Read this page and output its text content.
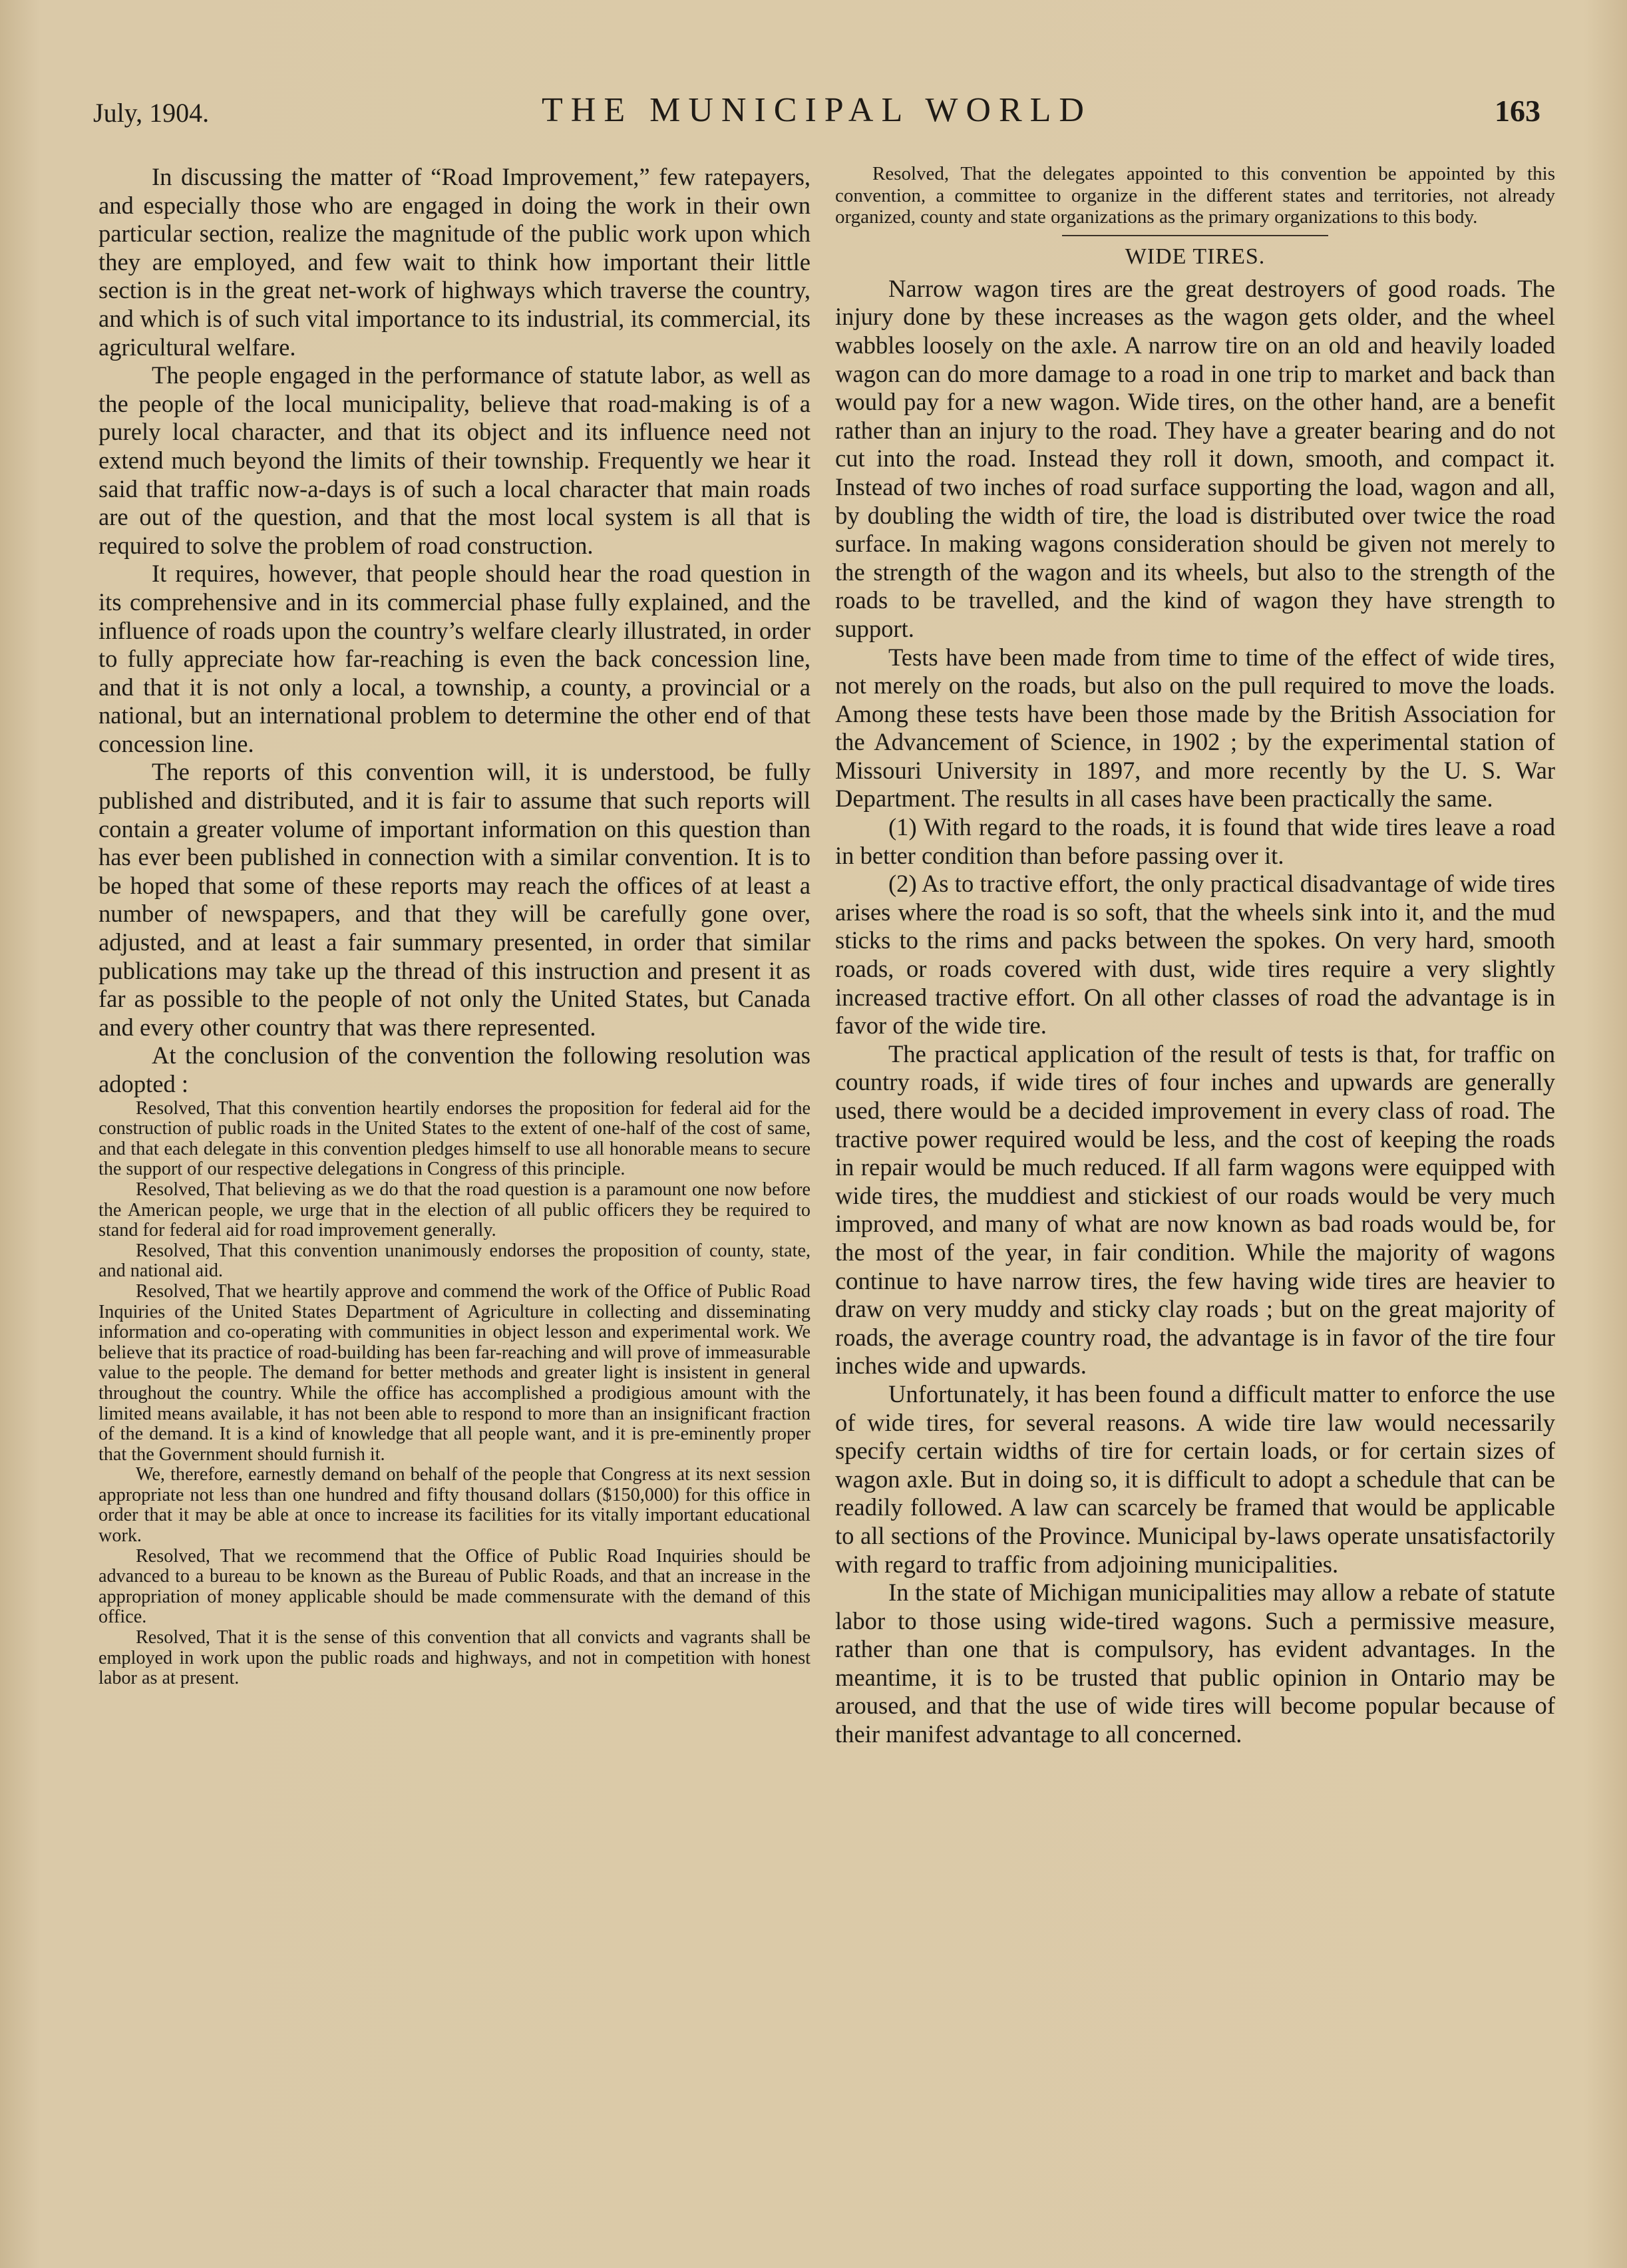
July, 1904.	THE MUNICIPAL WORLD	163

In discussing the matter of “Road Improvement,” few ratepayers, and especially those who are engaged in doing the work in their own particular section, realize the magnitude of the public work upon which they are employed, and few wait to think how important their little section is in the great net-work of highways which traverse the country, and which is of such vital importance to its industrial, its commercial, its agricultural welfare.

The people engaged in the performance of statute labor, as well as the people of the local municipality, believe that road-making is of a purely local character, and that its object and its influence need not extend much beyond the limits of their township. Frequently we hear it said that traffic now-a-days is of such a local character that main roads are out of the question, and that the most local system is all that is required to solve the problem of road construction.

It requires, however, that people should hear the road question in its comprehensive and in its commercial phase fully explained, and the influence of roads upon the country’s welfare clearly illustrated, in order to fully appreciate how far-reaching is even the back concession line, and that it is not only a local, a township, a county, a provincial or a national, but an international problem to determine the other end of that concession line.

The reports of this convention will, it is understood, be fully published and distributed, and it is fair to assume that such reports will contain a greater volume of important information on this question than has ever been published in connection with a similar convention. It is to be hoped that some of these reports may reach the offices of at least a number of newspapers, and that they will be carefully gone over, adjusted, and at least a fair summary presented, in order that similar publications may take up the thread of this instruction and present it as far as possible to the people of not only the United States, but Canada and every other country that was there represented.

At the conclusion of the convention the following resolution was adopted :

Resolved, That this convention heartily endorses the proposition for federal aid for the construction of public roads in the United States to the extent of one-half of the cost of same, and that each delegate in this convention pledges himself to use all honorable means to secure the support of our respective delegations in Congress of this principle.

Resolved, That believing as we do that the road question is a paramount one now before the American people, we urge that in the election of all public officers they be required to stand for federal aid for road improvement generally.

Resolved, That this convention unanimously endorses the proposition of county, state, and national aid.

Resolved, That we heartily approve and commend the work of the Office of Public Road Inquiries of the United States Department of Agriculture in collecting and disseminating information and co-operating with communities in object lesson and experimental work. We believe that its practice of road-building has been far-reaching and will prove of immeasurable value to the people. The demand for better methods and greater light is insistent in general throughout the country. While the office has accomplished a prodigious amount with the limited means available, it has not been able to respond to more than an insignificant fraction of the demand. It is a kind of knowledge that all people want, and it is pre-eminently proper that the Government should furnish it.

We, therefore, earnestly demand on behalf of the people that Congress at its next session appropriate not less than one hundred and fifty thousand dollars ($150,000) for this office in order that it may be able at once to increase its facilities for its vitally important educational work.

Resolved, That we recommend that the Office of Public Road Inquiries should be advanced to a bureau to be known as the Bureau of Public Roads, and that an increase in the appropriation of money applicable should be made commensurate with the demand of this office.

Resolved, That it is the sense of this convention that all convicts and vagrants shall be employed in work upon the public roads and highways, and not in competition with honest labor as at present.

Resolved, That the delegates appointed to this convention be appointed by this convention, a committee to organize in the different states and territories, not already organized, county and state organizations as the primary organizations to this body.

WIDE TIRES.

Narrow wagon tires are the great destroyers of good roads. The injury done by these increases as the wagon gets older, and the wheel wabbles loosely on the axle. A narrow tire on an old and heavily loaded wagon can do more damage to a road in one trip to market and back than would pay for a new wagon. Wide tires, on the other hand, are a benefit rather than an injury to the road. They have a greater bearing and do not cut into the road. Instead they roll it down, smooth, and compact it. Instead of two inches of road surface supporting the load, wagon and all, by doubling the width of tire, the load is distributed over twice the road surface. In making wagons consideration should be given not merely to the strength of the wagon and its wheels, but also to the strength of the roads to be travelled, and the kind of wagon they have strength to support.

Tests have been made from time to time of the effect of wide tires, not merely on the roads, but also on the pull required to move the loads. Among these tests have been those made by the British Association for the Advancement of Science, in 1902 ; by the experimental station of Missouri University in 1897, and more recently by the U. S. War Department. The results in all cases have been practically the same.

(1) With regard to the roads, it is found that wide tires leave a road in better condition than before passing over it.

(2) As to tractive effort, the only practical disadvantage of wide tires arises where the road is so soft, that the wheels sink into it, and the mud sticks to the rims and packs between the spokes. On very hard, smooth roads, or roads covered with dust, wide tires require a very slightly increased tractive effort. On all other classes of road the advantage is in favor of the wide tire.

The practical application of the result of tests is that, for traffic on country roads, if wide tires of four inches and upwards are generally used, there would be a decided improvement in every class of road. The tractive power required would be less, and the cost of keeping the roads in repair would be much reduced. If all farm wagons were equipped with wide tires, the muddiest and stickiest of our roads would be very much improved, and many of what are now known as bad roads would be, for the most of the year, in fair condition. While the majority of wagons continue to have narrow tires, the few having wide tires are heavier to draw on very muddy and sticky clay roads ; but on the great majority of roads, the average country road, the advantage is in favor of the tire four inches wide and upwards.

Unfortunately, it has been found a difficult matter to enforce the use of wide tires, for several reasons. A wide tire law would necessarily specify certain widths of tire for certain loads, or for certain sizes of wagon axle. But in doing so, it is difficult to adopt a schedule that can be readily followed. A law can scarcely be framed that would be applicable to all sections of the Province. Municipal by-laws operate unsatisfactorily with regard to traffic from adjoining municipalities.

In the state of Michigan municipalities may allow a rebate of statute labor to those using wide-tired wagons. Such a permissive measure, rather than one that is compulsory, has evident advantages. In the meantime, it is to be trusted that public opinion in Ontario may be aroused, and that the use of wide tires will become popular because of their manifest advantage to all concerned.
